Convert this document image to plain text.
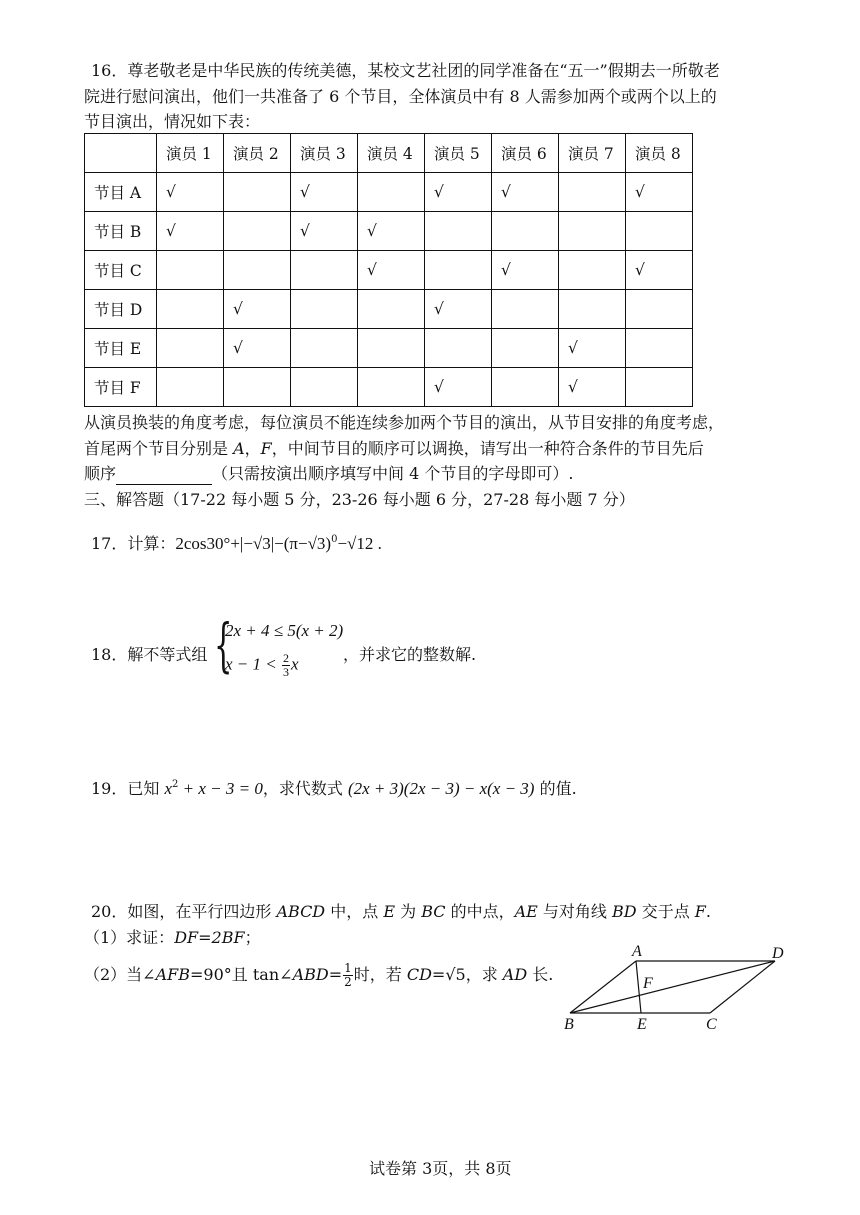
16．尊老敬老是中华民族的传统美德，某校文艺社团的同学准备在“五一”假期去一所敬老
院进行慰问演出，他们一共准备了 6 个节目，全体演员中有 8 人需参加两个或两个以上的
节目演出，情况如下表：
	演员 1	演员 2	演员 3	演员 4	演员 5	演员 6	演员 7	演员 8
节目 A	√		√		√	√		√
节目 B	√		√	√				
节目 C				√		√		√
节目 D		√			√			
节目 E		√					√	
节目 F					√		√	
从演员换装的角度考虑，每位演员不能连续参加两个节目的演出，从节目安排的角度考虑，
首尾两个节目分别是 A，F，中间节目的顺序可以调换，请写出一种符合条件的节目先后
顺序	（只需按演出顺序填写中间 4 个节目的字母即可）.
三、解答题（17-22 每小题 5 分，23-26 每小题 6 分，27-28 每小题 7 分）
17．计算：$2\cos 30^\circ+|-√3|-(\pi-√3)^0-√12$ .
18．解不等式组 {
2x + 4 ≤ 5(x + 2)
$x - 1 < \frac{2}{3}$ x	，并求它的整数解.
19．已知 $x^2 + x - 3 = 0$，求代数式 (2x + 3)(2x − 3) − x(x − 3) 的值.
20．如图，在平行四边形 ABCD 中，点 E 为 BC 的中点，AE 与对角线 BD 交于点 F.
（1）求证：DF=2BF；
（2）当∠AFB=90°且 tan∠ABD= $\frac{1}{2}$ 时，若 CD=√5，求 AD 长.
A	D
F
B	E	C
试卷第 3页，共 8页
